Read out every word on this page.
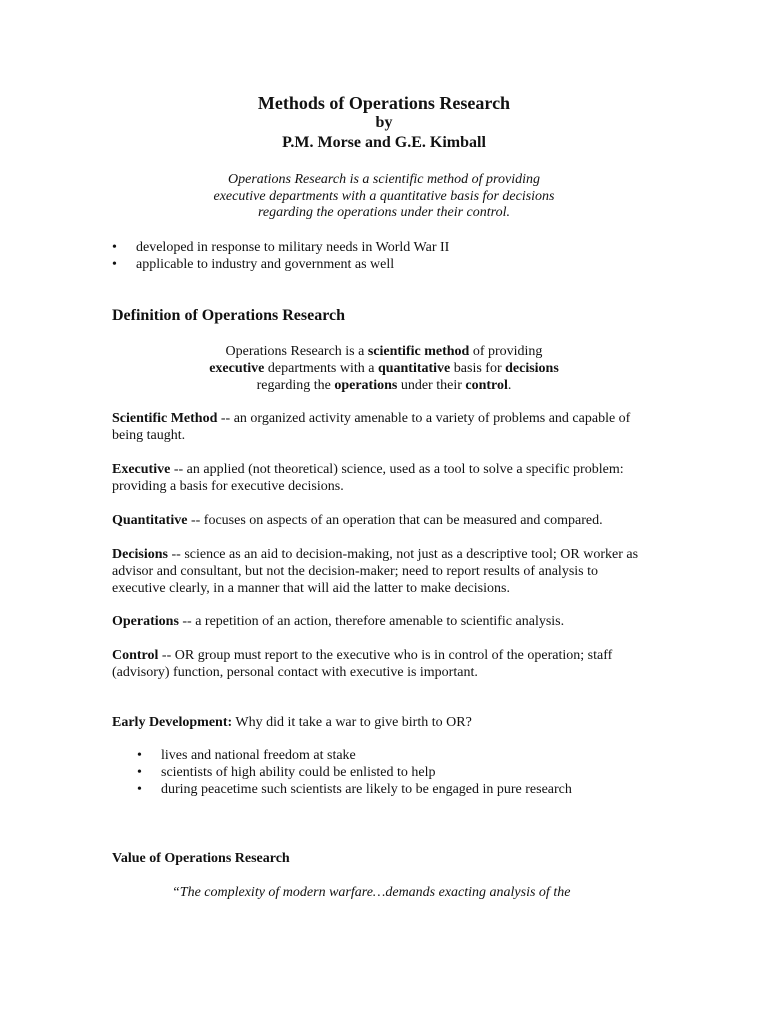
Methods of Operations Research
by
P.M. Morse and G.E. Kimball
Operations Research is a scientific method of providing
executive departments with a quantitative basis for decisions
regarding the operations under their control.
• developed in response to military needs in World War II
• applicable to industry and government as well
Definition of Operations Research
Operations Research is a scientific method of providing
executive departments with a quantitative basis for decisions
regarding the operations under their control.
Scientific Method -- an organized activity amenable to a variety of problems and capable of being taught.
Executive -- an applied (not theoretical) science, used as a tool to solve a specific problem: providing a basis for executive decisions.
Quantitative -- focuses on aspects of an operation that can be measured and compared.
Decisions -- science as an aid to decision-making, not just as a descriptive tool; OR worker as advisor and consultant, but not the decision-maker; need to report results of analysis to executive clearly, in a manner that will aid the latter to make decisions.
Operations -- a repetition of an action, therefore amenable to scientific analysis.
Control -- OR group must report to the executive who is in control of the operation; staff (advisory) function, personal contact with executive is important.
Early Development: Why did it take a war to give birth to OR?
• lives and national freedom at stake
• scientists of high ability could be enlisted to help
• during peacetime such scientists are likely to be engaged in pure research
Value of Operations Research
“The complexity of modern warfare…demands exacting analysis of the
